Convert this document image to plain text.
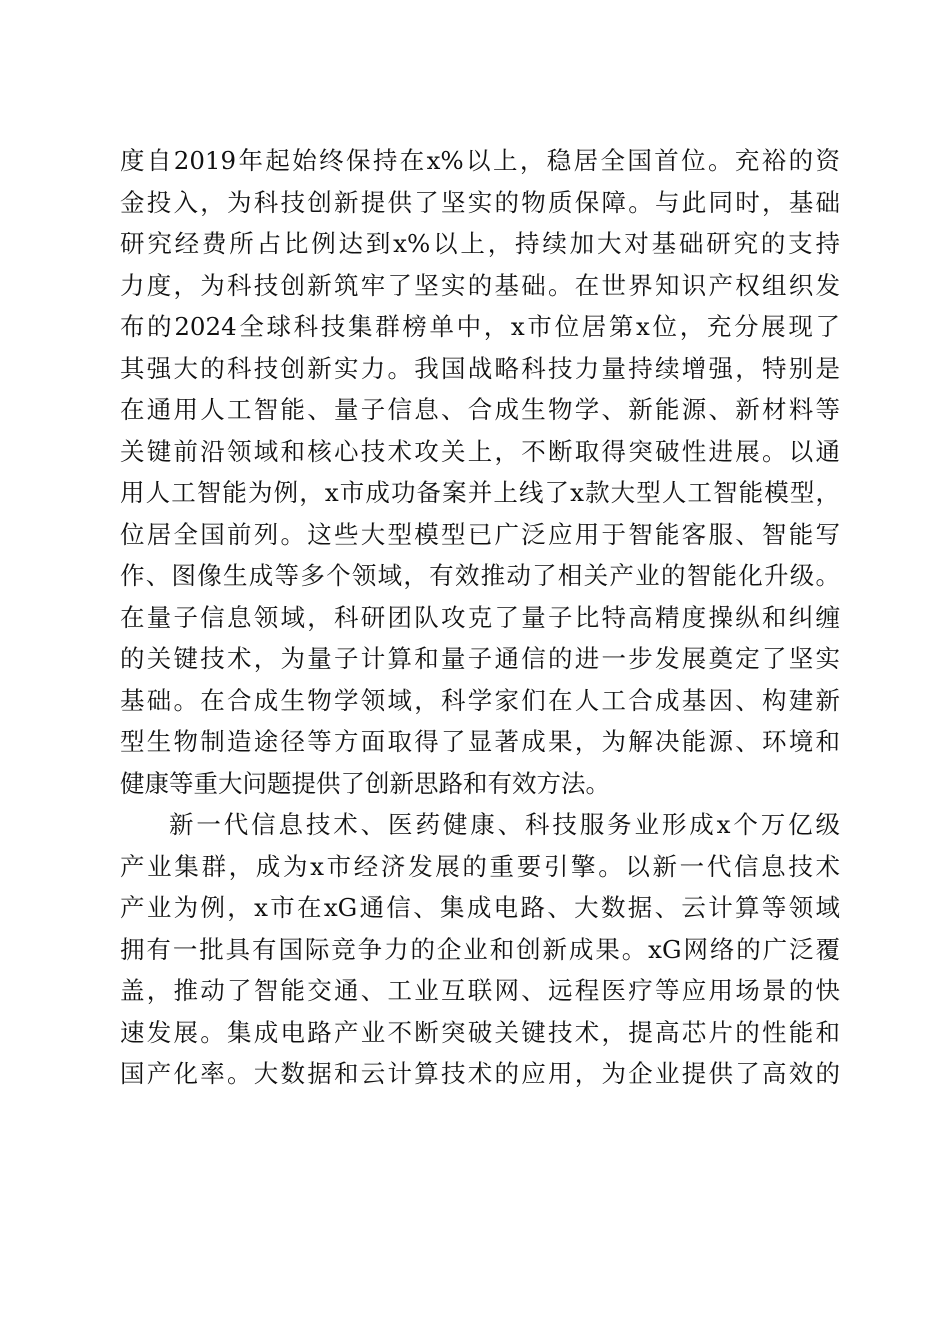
度自2019年起始终保持在x%以上，稳居全国首位。充裕的资
金投入，为科技创新提供了坚实的物质保障。与此同时，基础
研究经费所占比例达到x%以上，持续加大对基础研究的支持
力度，为科技创新筑牢了坚实的基础。在世界知识产权组织发
布的2024全球科技集群榜单中，x市位居第x位，充分展现了
其强大的科技创新实力。我国战略科技力量持续增强，特别是
在通用人工智能、量子信息、合成生物学、新能源、新材料等
关键前沿领域和核心技术攻关上，不断取得突破性进展。以通
用人工智能为例，x市成功备案并上线了x款大型人工智能模型，
位居全国前列。这些大型模型已广泛应用于智能客服、智能写
作、图像生成等多个领域，有效推动了相关产业的智能化升级。
在量子信息领域，科研团队攻克了量子比特高精度操纵和纠缠
的关键技术，为量子计算和量子通信的进一步发展奠定了坚实
基础。在合成生物学领域，科学家们在人工合成基因、构建新
型生物制造途径等方面取得了显著成果，为解决能源、环境和
健康等重大问题提供了创新思路和有效方法。
新一代信息技术、医药健康、科技服务业形成x个万亿级
产业集群，成为x市经济发展的重要引擎。以新一代信息技术
产业为例，x市在xG通信、集成电路、大数据、云计算等领域
拥有一批具有国际竞争力的企业和创新成果。xG网络的广泛覆
盖，推动了智能交通、工业互联网、远程医疗等应用场景的快
速发展。集成电路产业不断突破关键技术，提高芯片的性能和
国产化率。大数据和云计算技术的应用，为企业提供了高效的
